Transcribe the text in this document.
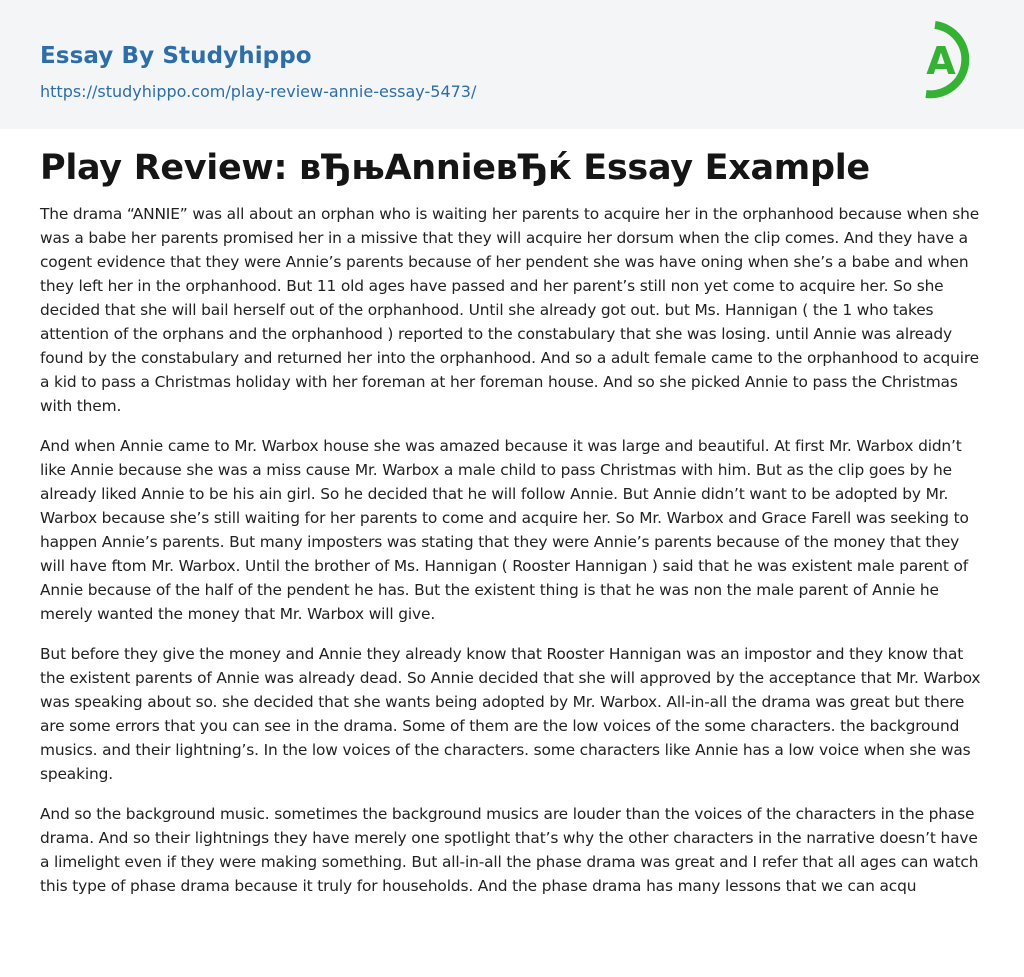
Essay By Studyhippo
https://studyhippo.com/play-review-annie-essay-5473/
A
Play Review: вЂњAnnieвЂќ Essay Example

The drama “ANNIE” was all about an orphan who is waiting her parents to acquire her in the orphanhood because when she was a babe her parents promised her in a missive that they will acquire her dorsum when the clip comes. And they have a cogent evidence that they were Annie’s parents because of her pendent she was have oning when she’s a babe and when they left her in the orphanhood. But 11 old ages have passed and her parent’s still non yet come to acquire her. So she decided that she will bail herself out of the orphanhood. Until she already got out. but Ms. Hannigan ( the 1 who takes attention of the orphans and the orphanhood ) reported to the constabulary that she was losing. until Annie was already found by the constabulary and returned her into the orphanhood. And so a adult female came to the orphanhood to acquire a kid to pass a Christmas holiday with her foreman at her foreman house. And so she picked Annie to pass the Christmas with them.

And when Annie came to Mr. Warbox house she was amazed because it was large and beautiful. At first Mr. Warbox didn’t like Annie because she was a miss cause Mr. Warbox a male child to pass Christmas with him. But as the clip goes by he already liked Annie to be his ain girl. So he decided that he will follow Annie. But Annie didn’t want to be adopted by Mr. Warbox because she’s still waiting for her parents to come and acquire her. So Mr. Warbox and Grace Farell was seeking to happen Annie’s parents. But many imposters was stating that they were Annie’s parents because of the money that they will have ftom Mr. Warbox. Until the brother of Ms. Hannigan ( Rooster Hannigan ) said that he was existent male parent of Annie because of the half of the pendent he has. But the existent thing is that he was non the male parent of Annie he merely wanted the money that Mr. Warbox will give.

But before they give the money and Annie they already know that Rooster Hannigan was an impostor and they know that the existent parents of Annie was already dead. So Annie decided that she will approved by the acceptance that Mr. Warbox was speaking about so. she decided that she wants being adopted by Mr. Warbox. All-in-all the drama was great but there are some errors that you can see in the drama. Some of them are the low voices of the some characters. the background musics. and their lightning’s. In the low voices of the characters. some characters like Annie has a low voice when she was speaking.

And so the background music. sometimes the background musics are louder than the voices of the characters in the phase drama. And so their lightnings they have merely one spotlight that’s why the other characters in the narrative doesn’t have a limelight even if they were making something. But all-in-all the phase drama was great and I refer that all ages can watch this type of phase drama because it truly for households. And the phase drama has many lessons that we can acqu
